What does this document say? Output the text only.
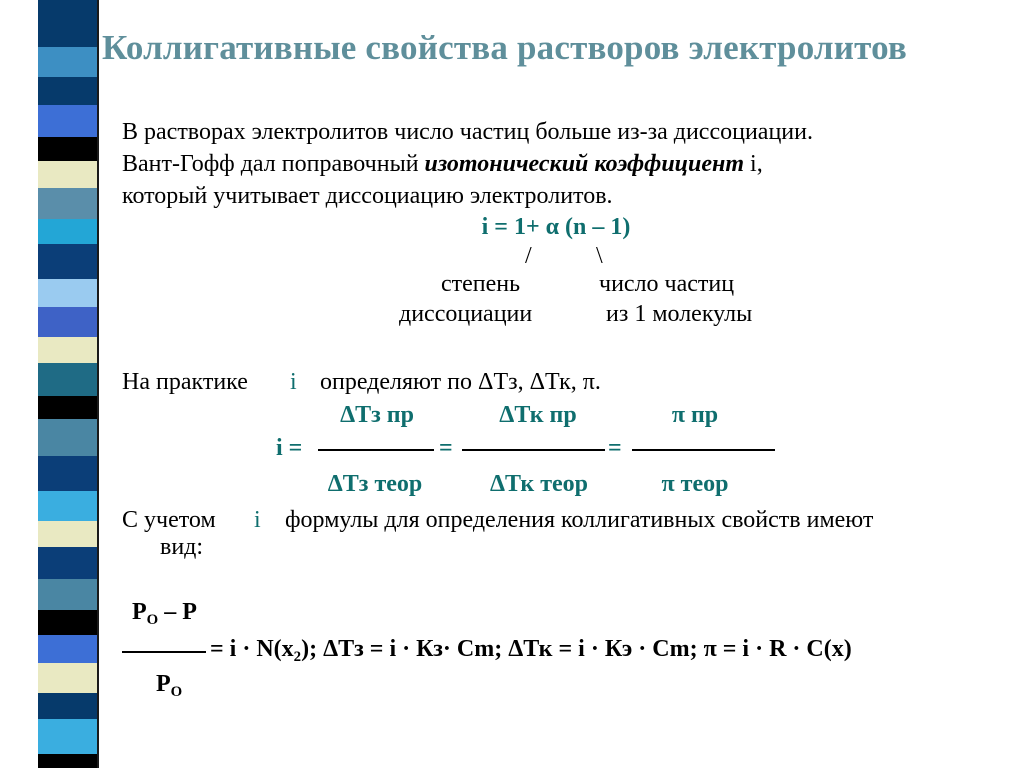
Коллигативные свойства растворов электролитов
В растворах электролитов число частиц больше из-за диссоциации.
Вант-Гофф дал поправочный изотонический коэффициент i,
который учитывает диссоциацию электролитов.
i = 1+ α (n – 1)
/	\
степень	число частиц
диссоциации	из 1 молекулы
На практике i определяют по ΔТз, ΔТк, π.
ΔТз пр	ΔТк пр	π пр
i =	=	=
ΔТз теор	ΔТк теор	π теор
С учетом i формулы для определения коллигативных свойств имеют
вид:
$P_O$ – P
= $i \cdot N(x_2)$; ΔТз = i · Кз· Cm; ΔТк = i · Кэ · Cm; π = i · R · C(x)
$P_O$
